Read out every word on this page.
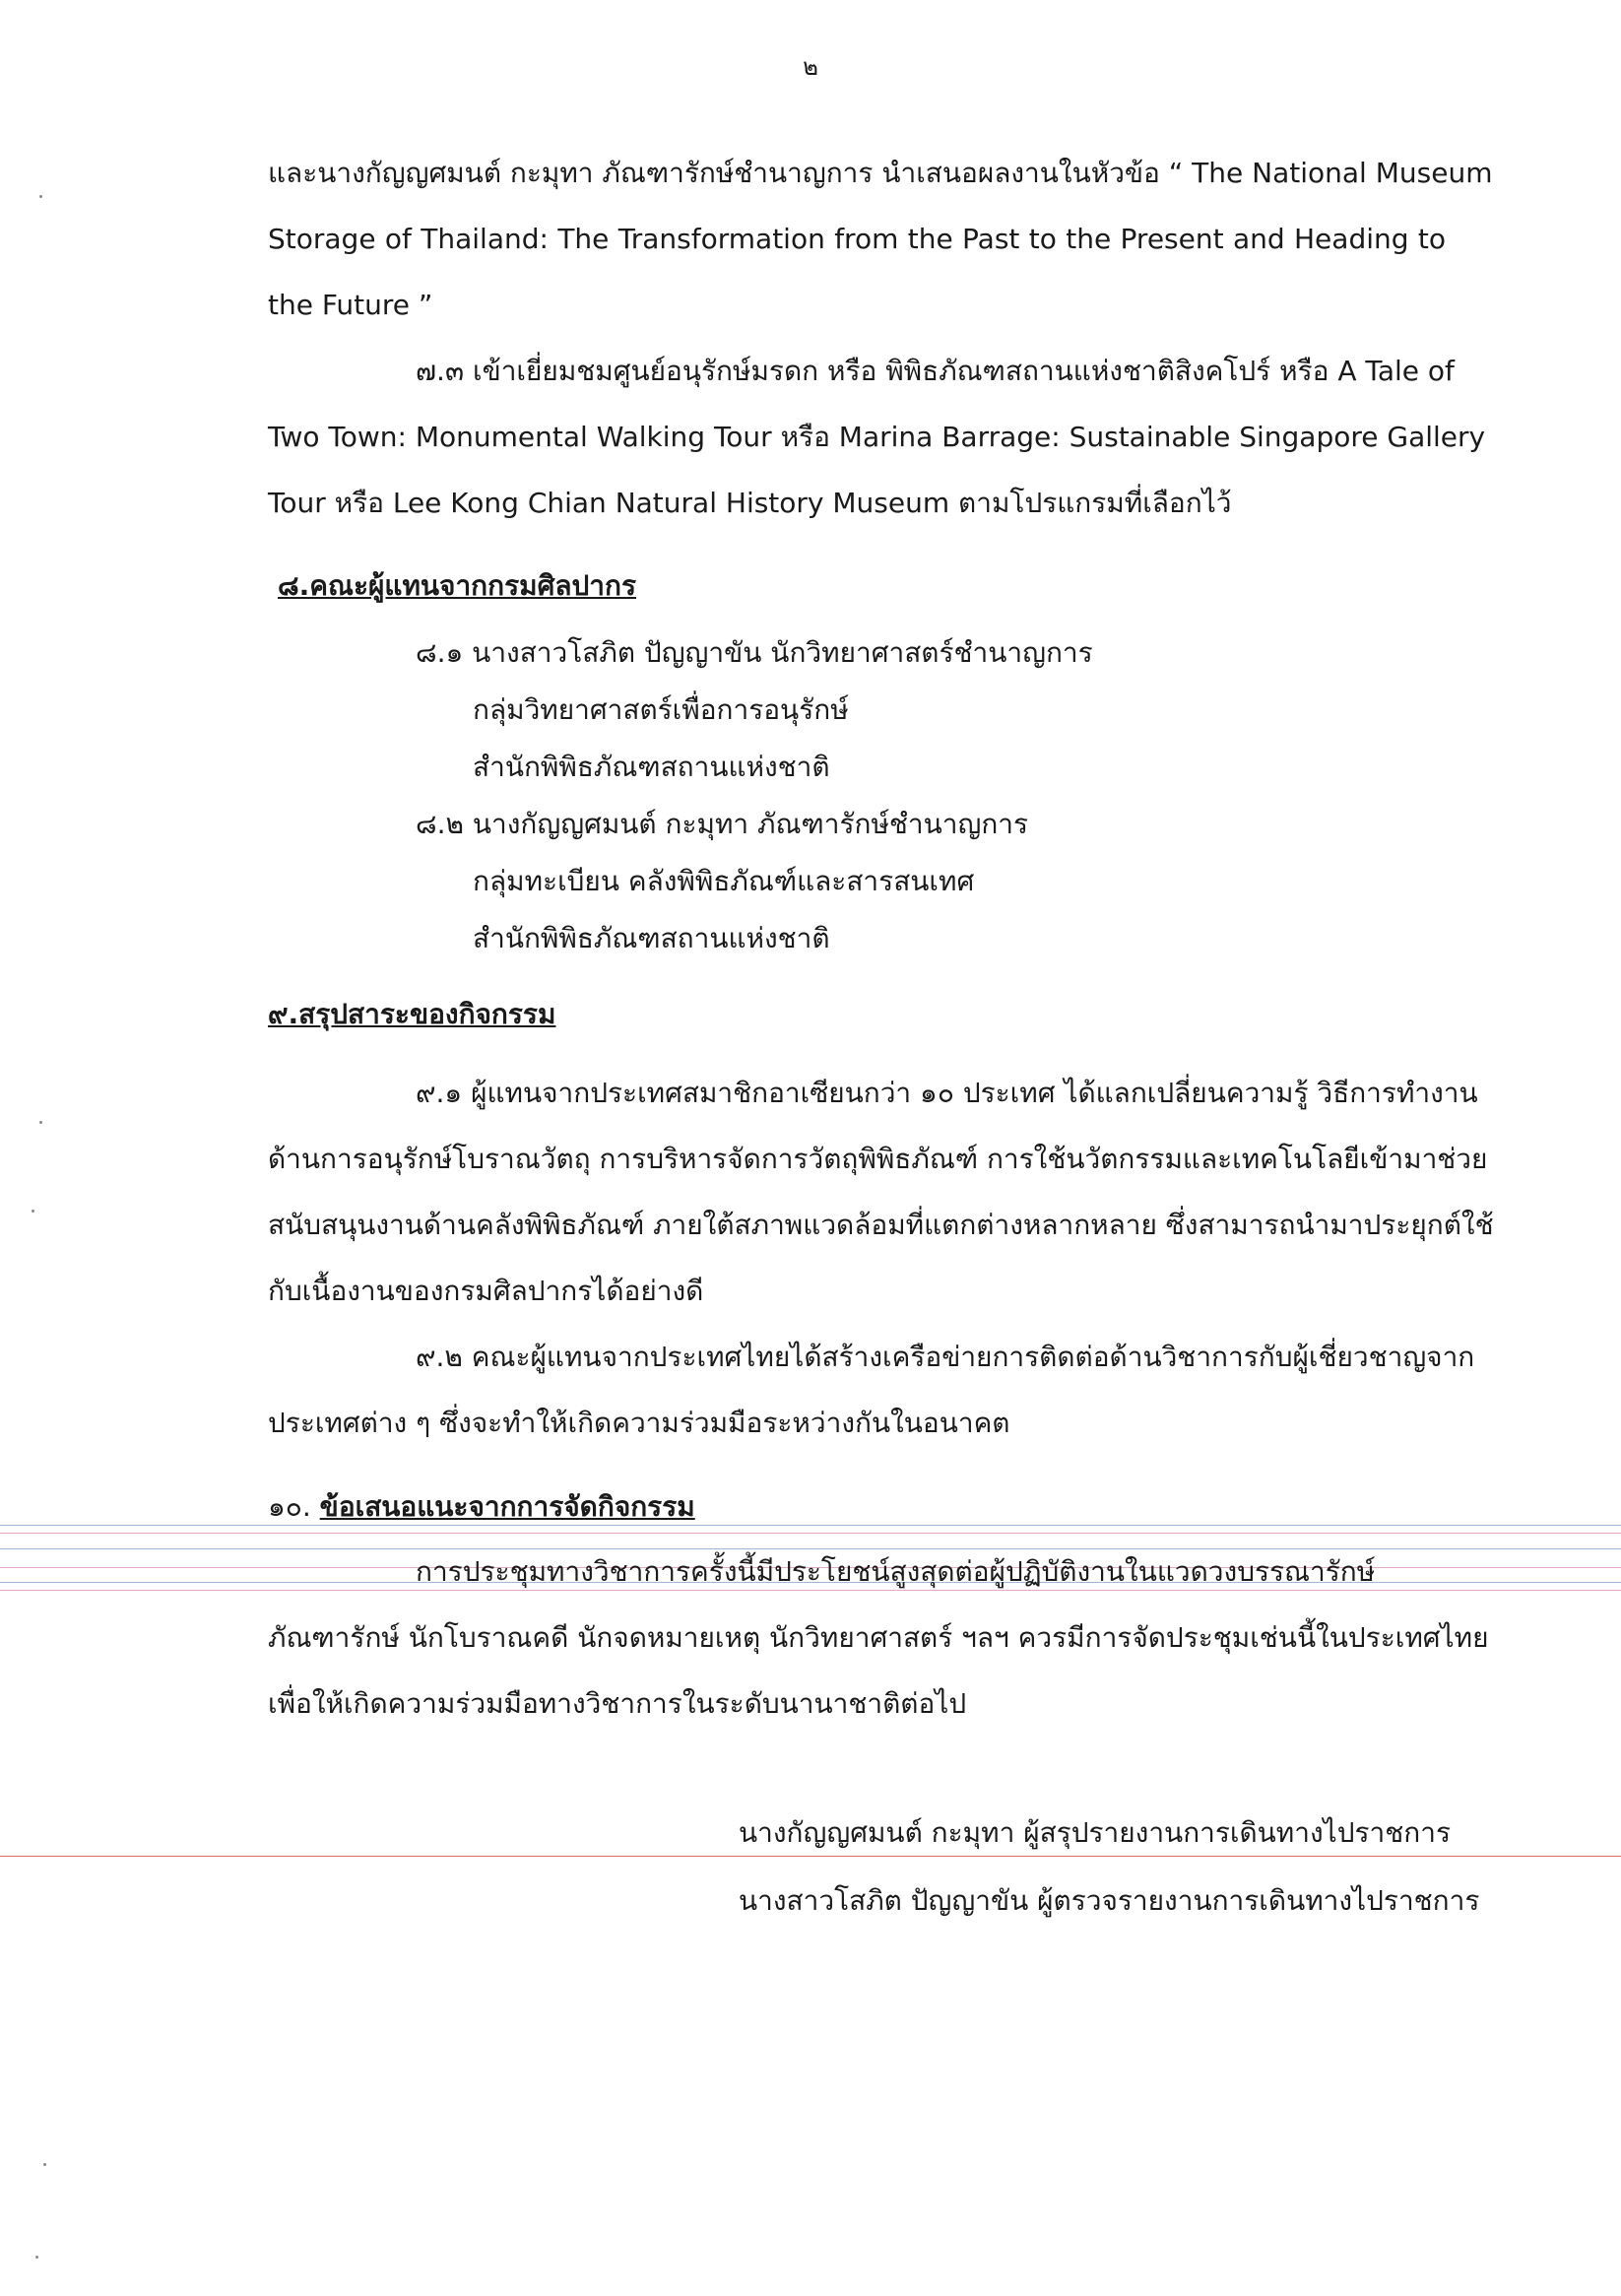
๒
และนางกัญญศมนต์ กะมุทา ภัณฑารักษ์ชำนาญการ นำเสนอผลงานในหัวข้อ “ The National Museum
Storage of Thailand: The Transformation from the Past to the Present and Heading to
the Future ”
๗.๓ เข้าเยี่ยมชมศูนย์อนุรักษ์มรดก หรือ พิพิธภัณฑสถานแห่งชาติสิงคโปร์ หรือ A Tale of
Two Town: Monumental Walking Tour หรือ Marina Barrage: Sustainable Singapore Gallery
Tour หรือ Lee Kong Chian Natural History Museum ตามโปรแกรมที่เลือกไว้
๘.คณะผู้แทนจากกรมศิลปากร
๘.๑ นางสาวโสภิต ปัญญาขัน นักวิทยาศาสตร์ชำนาญการ
กลุ่มวิทยาศาสตร์เพื่อการอนุรักษ์
สำนักพิพิธภัณฑสถานแห่งชาติ
๘.๒ นางกัญญศมนต์ กะมุทา ภัณฑารักษ์ชำนาญการ
กลุ่มทะเบียน คลังพิพิธภัณฑ์และสารสนเทศ
สำนักพิพิธภัณฑสถานแห่งชาติ
๙.สรุปสาระของกิจกรรม
๙.๑ ผู้แทนจากประเทศสมาชิกอาเซียนกว่า ๑๐ ประเทศ ได้แลกเปลี่ยนความรู้ วิธีการทำงาน
ด้านการอนุรักษ์โบราณวัตถุ การบริหารจัดการวัตถุพิพิธภัณฑ์ การใช้นวัตกรรมและเทคโนโลยีเข้ามาช่วย
สนับสนุนงานด้านคลังพิพิธภัณฑ์ ภายใต้สภาพแวดล้อมที่แตกต่างหลากหลาย ซึ่งสามารถนำมาประยุกต์ใช้
กับเนื้องานของกรมศิลปากรได้อย่างดี
๙.๒ คณะผู้แทนจากประเทศไทยได้สร้างเครือข่ายการติดต่อด้านวิชาการกับผู้เชี่ยวชาญจาก
ประเทศต่าง ๆ ซึ่งจะทำให้เกิดความร่วมมือระหว่างกันในอนาคต
๑๐. ข้อเสนอแนะจากการจัดกิจกรรม
การประชุมทางวิชาการครั้งนี้มีประโยชน์สูงสุดต่อผู้ปฏิบัติงานในแวดวงบรรณารักษ์
ภัณฑารักษ์ นักโบราณคดี นักจดหมายเหตุ นักวิทยาศาสตร์ ฯลฯ ควรมีการจัดประชุมเช่นนี้ในประเทศไทย
เพื่อให้เกิดความร่วมมือทางวิชาการในระดับนานาชาติต่อไป
นางกัญญศมนต์ กะมุทา ผู้สรุปรายงานการเดินทางไปราชการ
นางสาวโสภิต ปัญญาขัน ผู้ตรวจรายงานการเดินทางไปราชการ
